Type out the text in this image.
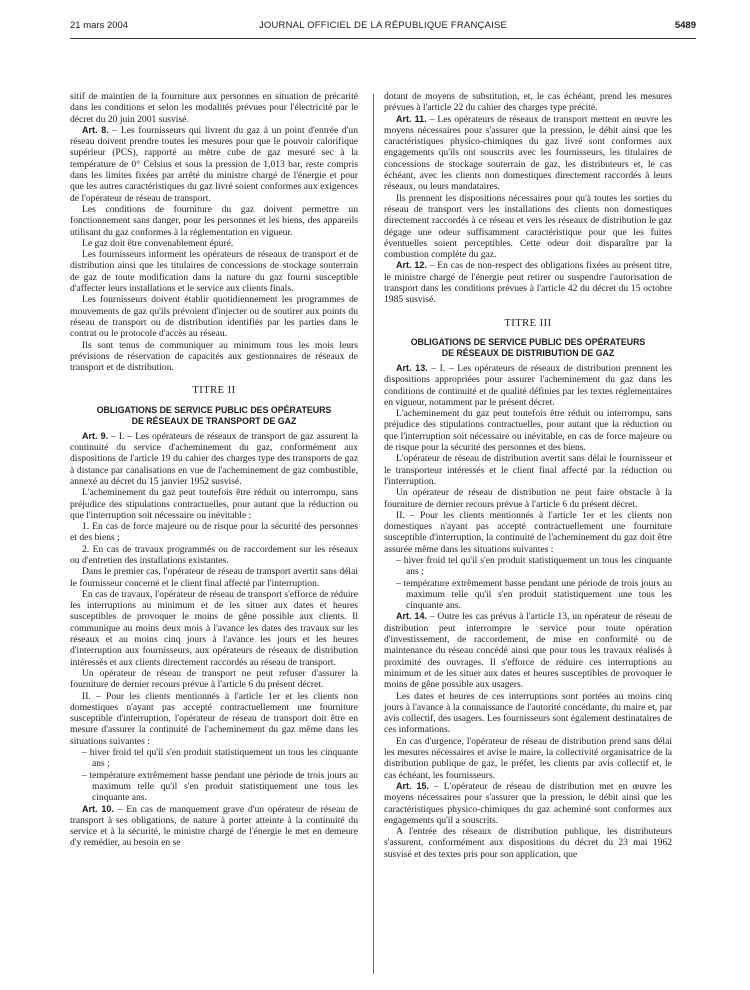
21 mars 2004	JOURNAL OFFICIEL DE LA RÉPUBLIQUE FRANÇAISE	5489

sitif de maintien de la fourniture aux personnes en situation de précarité dans les conditions et selon les modalités prévues pour l'électricité par le décret du 20 juin 2001 susvisé.

Art. 8. – Les fournisseurs qui livrent du gaz à un point d'entrée d'un réseau doivent prendre toutes les mesures pour que le pouvoir calorifique supérieur (PCS), rapporté au mètre cube de gaz mesuré sec à la température de 0° Celsius et sous la pression de 1,013 bar, reste compris dans les limites fixées par arrêté du ministre chargé de l'énergie et pour que les autres caractéristiques du gaz livré soient conformes aux exigences de l'opérateur de réseau de transport.

Les conditions de fourniture du gaz doivent permettre un fonctionnement sans danger, pour les personnes et les biens, des appareils utilisant du gaz conformes à la réglementation en vigueur.

Le gaz doit être convenablement épuré.

Les fournisseurs informent les opérateurs de réseaux de transport et de distribution ainsi que les titulaires de concessions de stockage souterrain de gaz de toute modification dans la nature du gaz fourni susceptible d'affecter leurs installations et le service aux clients finals.

Les fournisseurs doivent établir quotidiennement les programmes de mouvements de gaz qu'ils prévoient d'injecter ou de soutirer aux points du réseau de transport ou de distribution identifiés par les parties dans le contrat ou le protocole d'accès au réseau.

Ils sont tenus de communiquer au minimum tous les mois leurs prévisions de réservation de capacités aux gestionnaires de réseaux de transport et de distribution.

TITRE II
OBLIGATIONS DE SERVICE PUBLIC DES OPÉRATEURS
DE RÉSEAUX DE TRANSPORT DE GAZ

Art. 9. – I. – Les opérateurs de réseaux de transport de gaz assurent la continuité du service d'acheminement du gaz, conformément aux dispositions de l'article 19 du cahier des charges type des transports de gaz à distance par canalisations en vue de l'acheminement de gaz combustible, annexé au décret du 15 janvier 1952 susvisé.

L'acheminement du gaz peut toutefois être réduit ou interrompu, sans préjudice des stipulations contractuelles, pour autant que la réduction ou que l'interruption soit nécessaire ou inévitable :

1. En cas de force majeure ou de risque pour la sécurité des personnes et des biens ;

2. En cas de travaux programmés ou de raccordement sur les réseaux ou d'entretien des installations existantes.

Dans le premier cas, l'opérateur de réseau de transport avertit sans délai le fournisseur concerné et le client final affecté par l'interruption.

En cas de travaux, l'opérateur de réseau de transport s'efforce de réduire les interruptions au minimum et de les situer aux dates et heures susceptibles de provoquer le moins de gêne possible aux clients. Il communique au moins deux mois à l'avance les dates des travaux sur les réseaux et au moins cinq jours à l'avance les jours et les heures d'interruption aux fournisseurs, aux opérateurs de réseaux de distribution intéressés et aux clients directement raccordés au réseau de transport.

Un opérateur de réseau de transport ne peut refuser d'assurer la fourniture de dernier recours prévue à l'article 6 du présent décret.

II. – Pour les clients mentionnés à l'article 1er et les clients non domestiques n'ayant pas accepté contractuellement une fourniture susceptible d'interruption, l'opérateur de réseau de transport doit être en mesure d'assurer la continuité de l'acheminement du gaz même dans les situations suivantes :

– hiver froid tel qu'il s'en produit statistiquement un tous les cinquante ans ;
– température extrêmement basse pendant une période de trois jours au maximum telle qu'il s'en produit statistiquement une tous les cinquante ans.

Art. 10. – En cas de manquement grave d'un opérateur de réseau de transport à ses obligations, de nature à porter atteinte à la continuité du service et à la sécurité, le ministre chargé de l'énergie le met en demeure d'y remédier, au besoin en se

dotant de moyens de substitution, et, le cas échéant, prend les mesures prévues à l'article 22 du cahier des charges type précité.

Art. 11. – Les opérateurs de réseaux de transport mettent en œuvre les moyens nécessaires pour s'assurer que la pression, le débit ainsi que les caractéristiques physico-chimiques du gaz livré sont conformes aux engagements qu'ils ont souscrits avec les fournisseurs, les titulaires de concessions de stockage souterrain de gaz, les distributeurs et, le cas échéant, avec les clients non domestiques directement raccordés à leurs réseaux, ou leurs mandataires.

Ils prennent les dispositions nécessaires pour qu'à toutes les sorties du réseau de transport vers les installations des clients non domestiques directement raccordés à ce réseau et vers les réseaux de distribution le gaz dégage une odeur suffisamment caractéristique pour que les fuites éventuelles soient perceptibles. Cette odeur doit disparaître par la combustion complète du gaz.

Art. 12. – En cas de non-respect des obligations fixées au présent titre, le ministre chargé de l'énergie peut retirer ou suspendre l'autorisation de transport dans les conditions prévues à l'article 42 du décret du 15 octobre 1985 susvisé.

TITRE III
OBLIGATIONS DE SERVICE PUBLIC DES OPÉRATEURS
DE RÉSEAUX DE DISTRIBUTION DE GAZ

Art. 13. – I. – Les opérateurs de réseaux de distribution prennent les dispositions appropriées pour assurer l'acheminement du gaz dans les conditions de continuité et de qualité définies par les textes réglementaires en vigueur, notamment par le présent décret.

L'acheminement du gaz peut toutefois être réduit ou interrompu, sans préjudice des stipulations contractuelles, pour autant que la réduction ou que l'interruption soit nécessaire ou inévitable, en cas de force majeure ou de risque pour la sécurité des personnes et des biens.

L'opérateur de réseau de distribution avertit sans délai le fournisseur et le transporteur intéressés et le client final affecté par la réduction ou l'interruption.

Un opérateur de réseau de distribution ne peut faire obstacle à la fourniture de dernier recours prévue à l'article 6 du présent décret.

II. – Pour les clients mentionnés à l'article 1er et les clients non domestiques n'ayant pas accepté contractuellement une fourniture susceptible d'interruption, la continuité de l'acheminement du gaz doit être assurée même dans les situations suivantes :

– hiver froid tel qu'il s'en produit statistiquement un tous les cinquante ans ;
– température extrêmement basse pendant une période de trois jours au maximum telle qu'il s'en produit statistiquement une tous les cinquante ans.

Art. 14. – Outre les cas prévus à l'article 13, un opérateur de réseau de distribution peut interrompre le service pour toute opération d'investissement, de raccordement, de mise en conformité ou de maintenance du réseau concédé ainsi que pour tous les travaux réalisés à proximité des ouvrages. Il s'efforce de réduire ces interruptions au minimum et de les situer aux dates et heures susceptibles de provoquer le moins de gêne possible aux usagers.

Les dates et heures de ces interruptions sont portées au moins cinq jours à l'avance à la connaissance de l'autorité concédante, du maire et, par avis collectif, des usagers. Les fournisseurs sont également destinataires de ces informations.

En cas d'urgence, l'opérateur de réseau de distribution prend sans délai les mesures nécessaires et avise le maire, la collectivité organisatrice de la distribution publique de gaz, le préfet, les clients par avis collectif et, le cas échéant, les fournisseurs.

Art. 15. – L'opérateur de réseau de distribution met en œuvre les moyens nécessaires pour s'assurer que la pression, le débit ainsi que les caractéristiques physico-chimiques du gaz acheminé sont conformes aux engagements qu'il a souscrits.

A l'entrée des réseaux de distribution publique, les distributeurs s'assurent, conformément aux dispositions du décret du 23 mai 1962 susvisé et des textes pris pour son application, que
